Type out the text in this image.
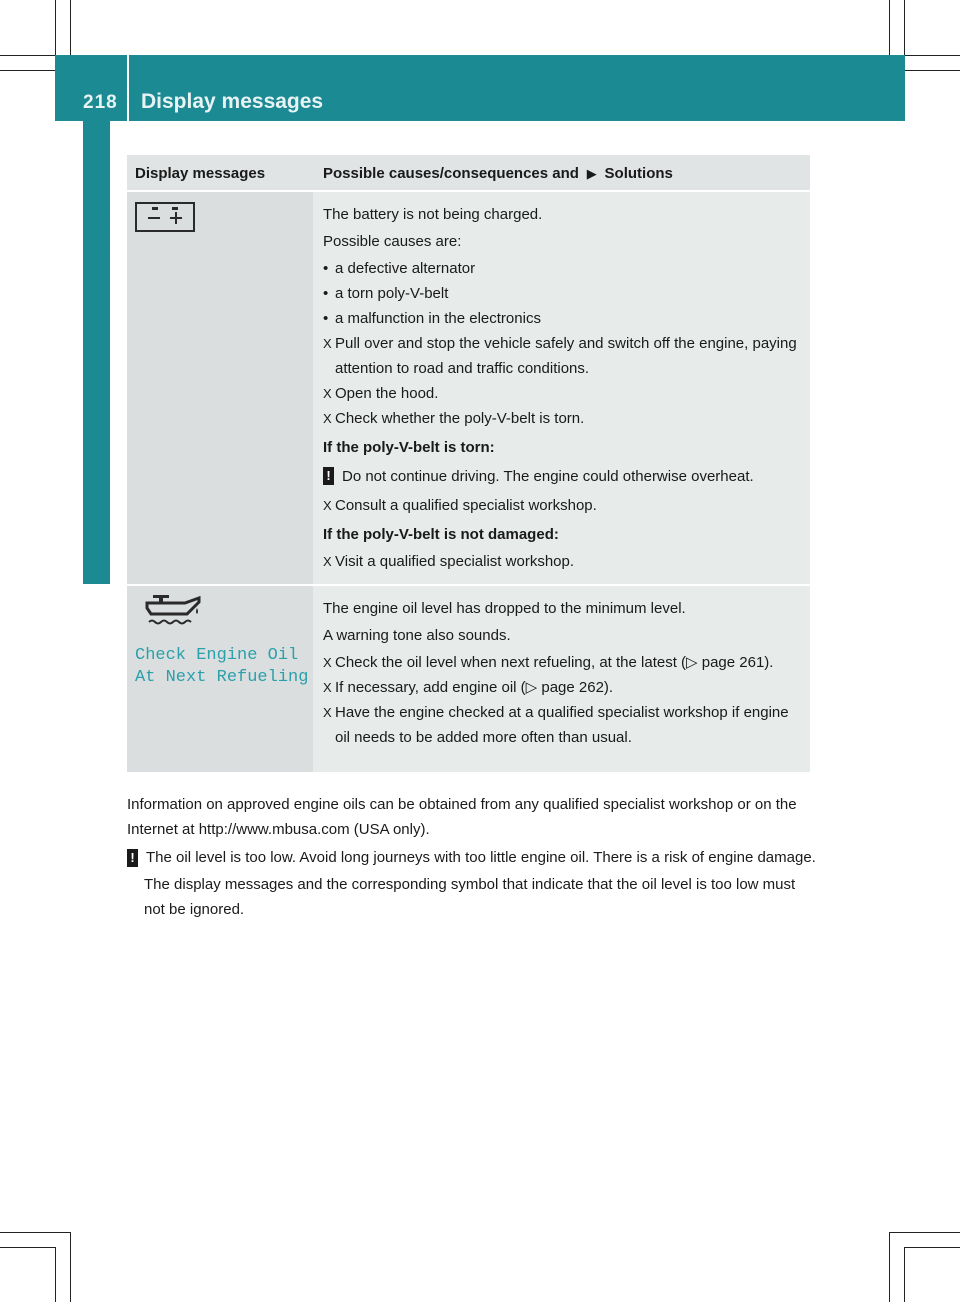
218 Display messages
On-board computer and displays
Display messages	Possible causes/consequences and  ▶  Solutions

The battery is not being charged.

Possible causes are:

• a defective alternator
• a torn poly-V-belt
• a malfunction in the electronics
X Pull over and stop the vehicle safely and switch off the engine, paying attention to road and traffic conditions.
X Open the hood.
X Check whether the poly-V-belt is torn.

If the poly-V-belt is torn:

! Do not continue driving. The engine could otherwise overheat.
X Consult a qualified specialist workshop.

If the poly-V-belt is not damaged:

X Visit a qualified specialist workshop.
Check Engine Oil
At Next Refueling

The engine oil level has dropped to the minimum level.

A warning tone also sounds.

X Check the oil level when next refueling, at the latest (▷ page 261).
X If necessary, add engine oil (▷ page 262).
X Have the engine checked at a qualified specialist workshop if engine oil needs to be added more often than usual.
Information on approved engine oils can be obtained from any qualified specialist workshop or on the Internet at http://www.mbusa.com (USA only).
! The oil level is too low. Avoid long journeys with too little engine oil. There is a risk of engine damage.
The display messages and the corresponding symbol that indicate that the oil level is too low must not be ignored.
